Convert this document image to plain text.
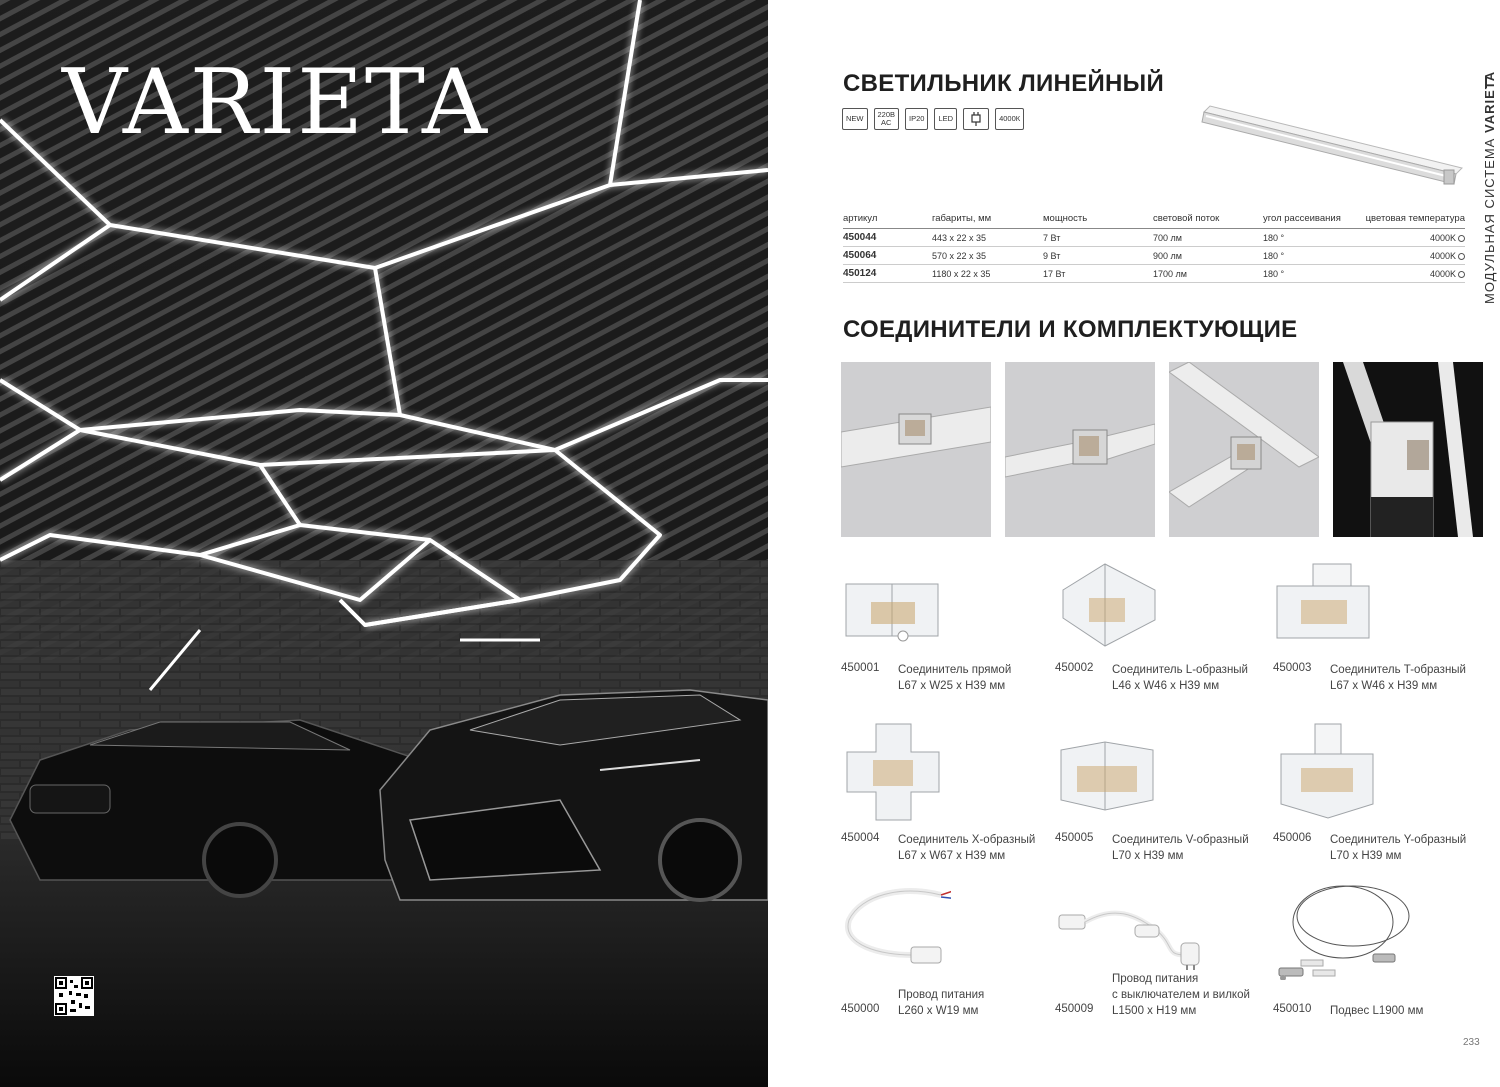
VARIETA	СВЕТИЛЬНИК ЛИНЕЙНЫЙ
NEW	220В
AC	IP20	LED	4000К
МОДУЛЬНАЯ СИСТЕМА VARIETA
артикул	габариты, мм	мощность	световой поток	угол рассеивания	цветовая температура
450044	443 x 22 x 35	7 Вт	700 лм	180 °	4000K
450064	570 x 22 x 35	9 Вт	900 лм	180 °	4000K
450124	1180 x 22 x 35	17 Вт	1700 лм	180 °	4000K
СОЕДИНИТЕЛИ И КОМПЛЕКТУЮЩИЕ
450001 Соединитель прямой
L67 x W25 x H39 мм
450002 Соединитель L-образный
L46 x W46 x H39 мм
450003 Соединитель T-образный
L67 x W46 x H39 мм
450004 Соединитель X-образный
L67 x W67 x H39 мм
450005 Соединитель V-образный
L70 x H39 мм
450006 Соединитель Y-образный
L70 x H39 мм
450000
Провод питания
L260 x W19 мм	450009
Провод питания
с выключателем и вилкой
L1500 x H19 мм	450010 Подвес L1900 мм
233
